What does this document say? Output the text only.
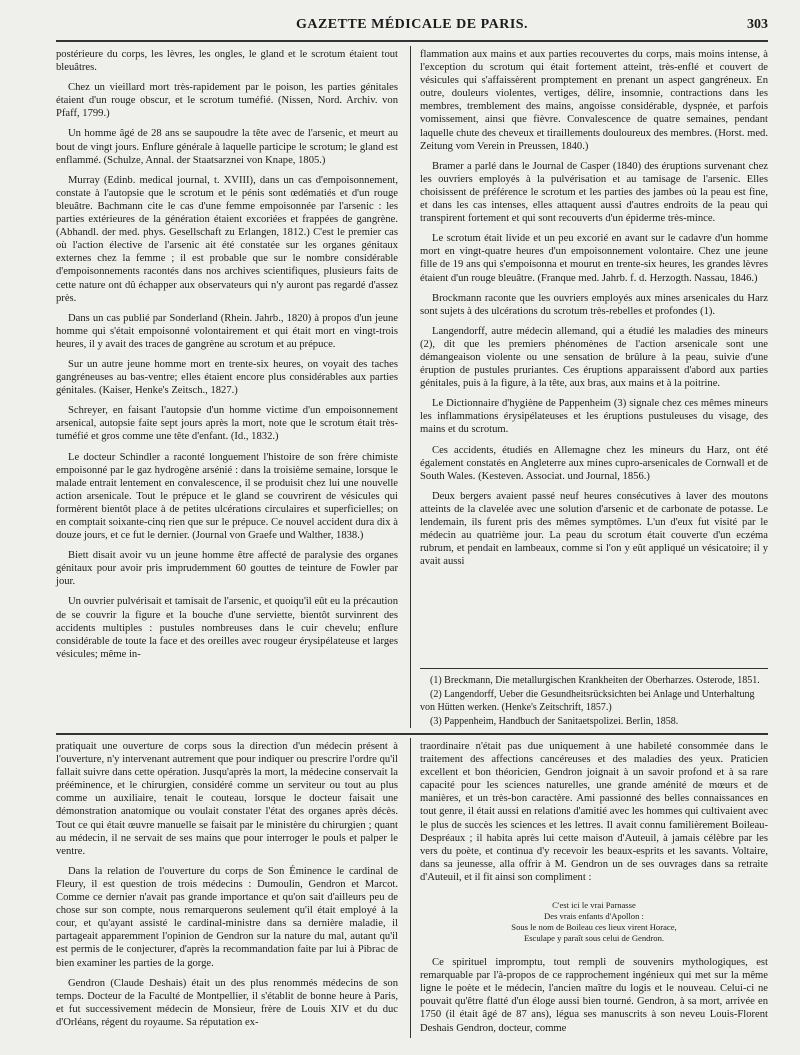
GAZETTE MÉDICALE DE PARIS.	303

postérieure du corps, les lèvres, les ongles, le gland et le scrotum étaient tout bleuâtres.

Chez un vieillard mort très-rapidement par le poison, les parties génitales étaient d'un rouge obscur, et le scrotum tuméfié. (Nissen, Nord. Archiv. von Pfaff, 1799.)

Un homme âgé de 28 ans se saupoudre la tête avec de l'arsenic, et meurt au bout de vingt jours. Enflure générale à laquelle participe le scrotum; le gland est enflammé. (Schulze, Annal. der Staatsarznei von Knape, 1805.)

Murray (Edinb. medical journal, t. XVIII), dans un cas d'empoisonnement, constate à l'autopsie que le scrotum et le pénis sont œdématiés et d'un rouge bleuâtre. Bachmann cite le cas d'une femme empoisonnée par l'arsenic : les parties extérieures de la génération étaient excoriées et frappées de gangrène. (Abhandl. der med. phys. Gesellschaft zu Erlangen, 1812.) C'est le premier cas où l'action élective de l'arsenic ait été constatée sur les organes génitaux externes chez la femme ; il est probable que sur le nombre considérable d'empoisonnements racontés dans nos archives scientifiques, plusieurs faits de cette nature ont dû échapper aux observateurs qui n'y auront pas regardé d'assez près.

Dans un cas publié par Sonderland (Rhein. Jahrb., 1820) à propos d'un jeune homme qui s'était empoisonné volontairement et qui était mort en vingt-trois heures, il y avait des traces de gangrène au scrotum et au prépuce.

Sur un autre jeune homme mort en trente-six heures, on voyait des taches gangréneuses au bas-ventre; elles étaient encore plus considérables aux parties génitales. (Kaiser, Henke's Zeitsch., 1827.)

Schreyer, en faisant l'autopsie d'un homme victime d'un empoisonnement arsenical, autopsie faite sept jours après la mort, note que le scrotum était très-tuméfié et gros comme une tête d'enfant. (Id., 1832.)

Le docteur Schindler a raconté longuement l'histoire de son frère chimiste empoisonné par le gaz hydrogène arsénié : dans la troisième semaine, lorsque le malade entrait lentement en convalescence, il se produisit chez lui une nouvelle action arsenicale. Tout le prépuce et le gland se couvrirent de vésicules qui formèrent bientôt place à de petites ulcérations circulaires et superficielles; on en comptait soixante-cinq rien que sur le prépuce. Ce nouvel accident dura dix à douze jours, et ce fut le dernier. (Journal von Graefe und Walther, 1838.)

Biett disait avoir vu un jeune homme être affecté de paralysie des organes génitaux pour avoir pris imprudemment 60 gouttes de teinture de Fowler par jour.

Un ouvrier pulvérisait et tamisait de l'arsenic, et quoiqu'il eût eu la précaution de se couvrir la figure et la bouche d'une serviette, bientôt survinrent des accidents multiples : pustules nombreuses dans le cuir chevelu; enflure considérable de toute la face et des oreilles avec rougeur érysipélateuse et larges vésicules; même in-

flammation aux mains et aux parties recouvertes du corps, mais moins intense, à l'exception du scrotum qui était fortement atteint, très-enflé et couvert de vésicules qui s'affaissèrent promptement en prenant un aspect gangréneux. En outre, douleurs violentes, vertiges, délire, insomnie, contractions dans les membres, tremblement des mains, angoisse considérable, dyspnée, et parfois vomissement, ainsi que fièvre. Convalescence de quatre semaines, pendant laquelle chute des cheveux et tiraillements douloureux des membres. (Horst. med. Zeitung vom Verein in Preussen, 1840.)

Bramer a parlé dans le Journal de Casper (1840) des éruptions survenant chez les ouvriers employés à la pulvérisation et au tamisage de l'arsenic. Elles choisissent de préférence le scrotum et les parties des jambes où la peau est fine, et dans les cas intenses, elles attaquent aussi d'autres endroits de la peau qui transpirent fortement et qui sont recouverts d'un épiderme très-mince.

Le scrotum était livide et un peu excorié en avant sur le cadavre d'un homme mort en vingt-quatre heures d'un empoisonnement volontaire. Chez une jeune fille de 19 ans qui s'empoisonna et mourut en trente-six heures, les grandes lèvres étaient d'un rouge bleuâtre. (Franque med. Jahrb. f. d. Herzogth. Nassau, 1846.)

Brockmann raconte que les ouvriers employés aux mines arsenicales du Harz sont sujets à des ulcérations du scrotum très-rebelles et profondes (1).

Langendorff, autre médecin allemand, qui a étudié les maladies des mineurs (2), dit que les premiers phénomènes de l'action arsenicale sont une démangeaison violente ou une sensation de brûlure à la peau, suivie d'une éruption de pustules pruriantes. Ces éruptions apparaissent d'abord aux parties génitales, puis à la figure, à la tête, aux bras, aux mains et à la poitrine.

Le Dictionnaire d'hygiène de Pappenheim (3) signale chez ces mêmes mineurs les inflammations érysipélateuses et les éruptions pustuleuses du visage, des mains et du scrotum.

Ces accidents, étudiés en Allemagne chez les mineurs du Harz, ont été également constatés en Angleterre aux mines cupro-arsenicales de Cornwall et de South Wales. (Kesteven. Associat. und Journal, 1856.)

Deux bergers avaient passé neuf heures consécutives à laver des moutons atteints de la clavelée avec une solution d'arsenic et de carbonate de potasse. Le lendemain, ils furent pris des mêmes symptômes. L'un d'eux fut visité par le médecin au quatrième jour. La peau du scrotum était couverte d'un eczéma rubrum, et pendait en lambeaux, comme si l'on y eût appliqué un vésicatoire; il y avait aussi

(1) Breckmann, Die metallurgischen Krankheiten der Oberharzes. Osterode, 1851.

(2) Langendorff, Ueber die Gesundheitsrücksichten bei Anlage und Unterhaltung von Hütten werken. (Henke's Zeitschrift, 1857.)

(3) Pappenheim, Handbuch der Sanitaetspolizei. Berlin, 1858.

pratiquait une ouverture de corps sous la direction d'un médecin présent à l'ouverture, n'y intervenant autrement que pour indiquer ou prescrire l'ordre qu'il fallait suivre dans cette opération. Jusqu'après la mort, la médecine conservait la prééminence, et le chirurgien, considéré comme un serviteur ou tout au plus comme un auxiliaire, tenait le couteau, lorsque le docteur faisait une démonstration anatomique ou voulait constater l'état des organes après décès. Tout ce qui était œuvre manuelle se faisait par le ministère du chirurgien ; quant au médecin, il ne servait de ses mains que pour interroger le pouls et palper le ventre.

Dans la relation de l'ouverture du corps de Son Éminence le cardinal de Fleury, il est question de trois médecins : Dumoulin, Gendron et Marcot. Comme ce dernier n'avait pas grande importance et qu'on sait d'ailleurs peu de chose sur son compte, nous remarquerons seulement qu'il était employé à la cour, et qu'ayant assisté le cardinal-ministre dans sa dernière maladie, il partageait apparemment l'opinion de Gendron sur la nature du mal, autant qu'il est permis de le conjecturer, d'après la recommandation faite par lui à Pibrac de bien examiner les parties de la gorge.

Gendron (Claude Deshais) était un des plus renommés médecins de son temps. Docteur de la Faculté de Montpellier, il s'établit de bonne heure à Paris, et fut successivement médecin de Monsieur, frère de Louis XIV et du duc d'Orléans, régent du royaume. Sa réputation ex-

traordinaire n'était pas due uniquement à une habileté consommée dans le traitement des affections cancéreuses et des maladies des yeux. Praticien excellent et bon théoricien, Gendron joignait à un savoir profond et à sa rare capacité pour les sciences naturelles, une grande aménité de mœurs et de manières, et un très-bon caractère. Ami passionné des belles connaissances en tout genre, il était aussi en relations d'amitié avec les hommes qui cultivaient avec le plus de succès les sciences et les lettres. Il avait connu familièrement Boileau-Despréaux ; il habita après lui cette maison d'Auteuil, à jamais célèbre par les vers du poète, et continua d'y recevoir les beaux-esprits et les savants. Voltaire, dans sa jeunesse, alla offrir à M. Gendron un de ses ouvrages dans sa retraite d'Auteuil, et il fit ainsi son compliment :

C'est ici le vrai Parnasse
Des vrais enfants d'Apollon :
Sous le nom de Boileau ces lieux virent Horace,
Esculape y paraît sous celui de Gendron.

Ce spirituel impromptu, tout rempli de souvenirs mythologiques, est remarquable par l'à-propos de ce rapprochement ingénieux qui met sur la même ligne le poète et le médecin, l'ancien maître du logis et le nouveau. Celui-ci ne pouvait qu'être flatté d'un éloge aussi bien tourné. Gendron, à sa mort, arrivée en 1750 (il était âgé de 87 ans), légua ses manuscrits à son neveu Louis-Florent Deshais Gendron, docteur, comme
